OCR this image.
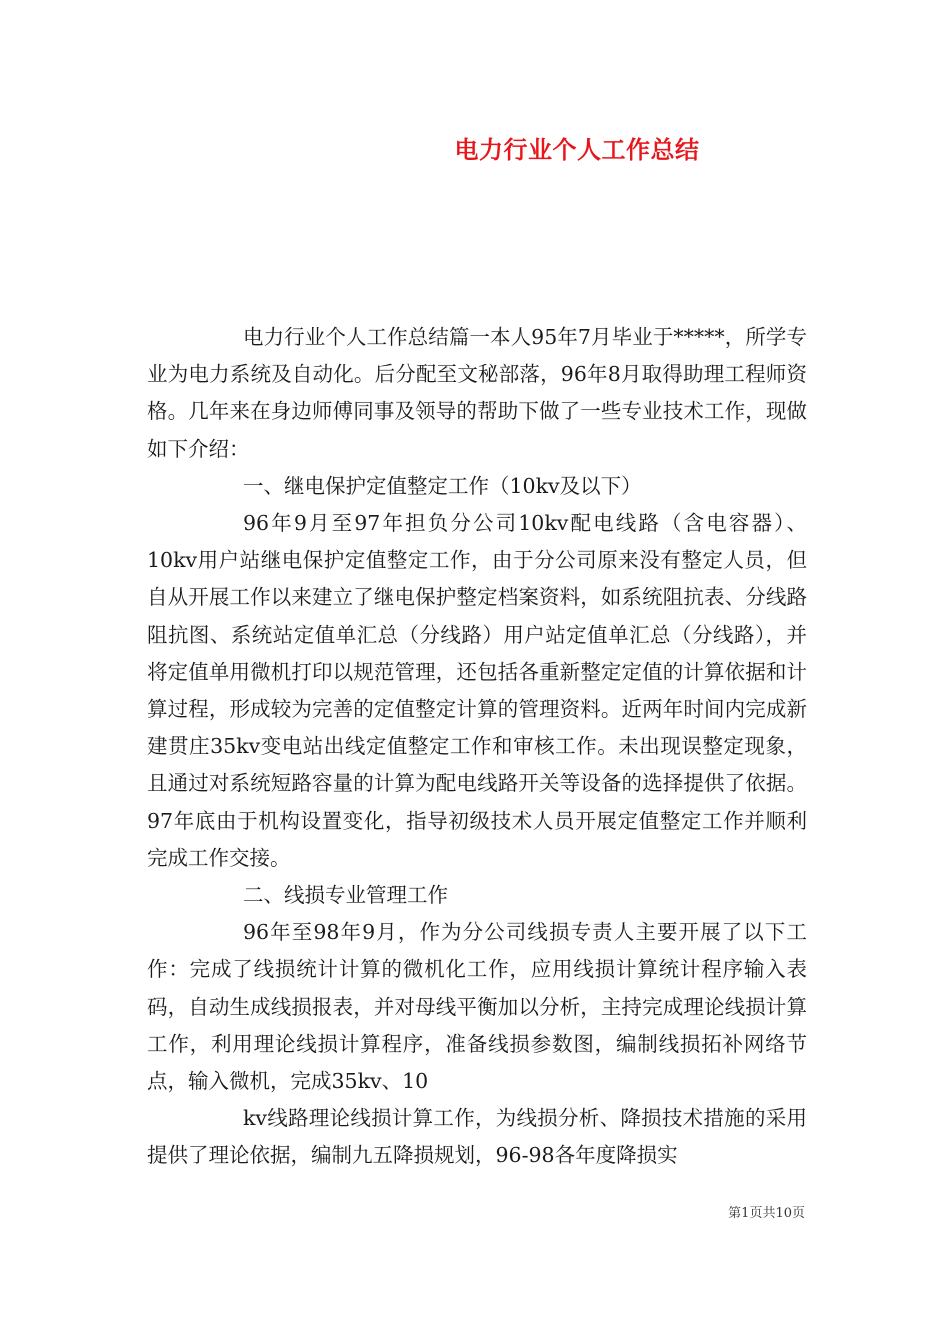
电力行业个人工作总结

电力行业个人工作总结篇一本人95年7月毕业于*****，所学专业为电力系统及自动化。后分配至文秘部落，96年8月取得助理工程师资格。几年来在身边师傅同事及领导的帮助下做了一些专业技术工作，现做如下介绍：

一、继电保护定值整定工作（10kv及以下）

96年9月至97年担负分公司10kv配电线路（含电容器）、10kv用户站继电保护定值整定工作，由于分公司原来没有整定人员，但自从开展工作以来建立了继电保护整定档案资料，如系统阻抗表、分线路阻抗图、系统站定值单汇总（分线路）用户站定值单汇总（分线路），并将定值单用微机打印以规范管理，还包括各重新整定定值的计算依据和计算过程，形成较为完善的定值整定计算的管理资料。近两年时间内完成新建贯庄35kv变电站出线定值整定工作和审核工作。未出现误整定现象，且通过对系统短路容量的计算为配电线路开关等设备的选择提供了依据。97年底由于机构设置变化，指导初级技术人员开展定值整定工作并顺利完成工作交接。

二、线损专业管理工作

96年至98年9月，作为分公司线损专责人主要开展了以下工作：完成了线损统计计算的微机化工作，应用线损计算统计程序输入表码，自动生成线损报表，并对母线平衡加以分析，主持完成理论线损计算工作，利用理论线损计算程序，准备线损参数图，编制线损拓补网络节点，输入微机，完成35kv、10

kv线路理论线损计算工作，为线损分析、降损技术措施的采用提供了理论依据，编制九五降损规划，96-98各年度降损实

第1页共10页
